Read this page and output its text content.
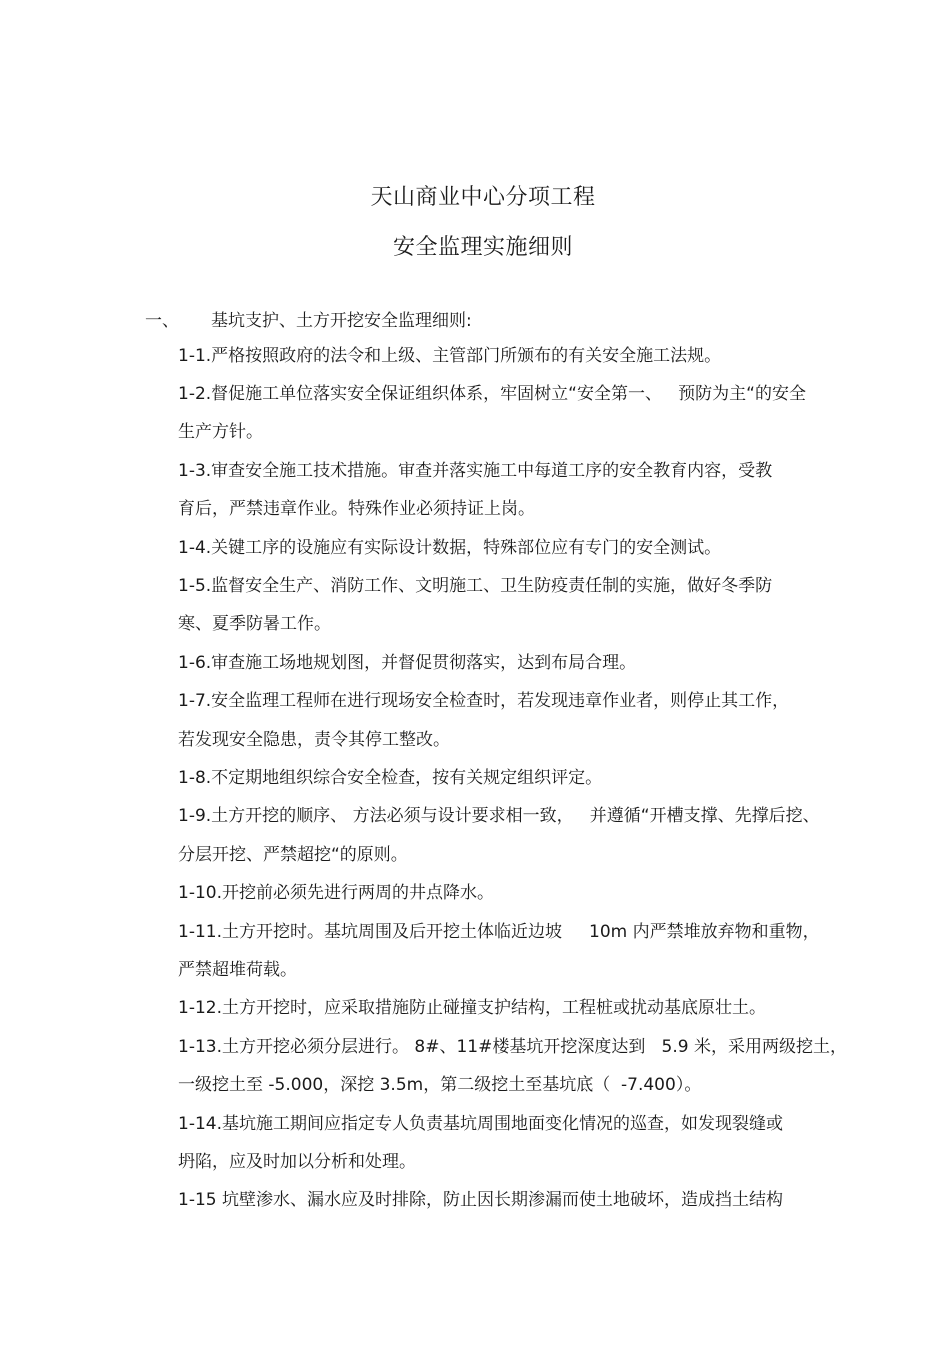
天山商业中心分项工程
安全监理实施细则
一、 基坑支护、土方开挖安全监理细则:
1-1.严格按照政府的法令和上级、主管部门所颁布的有关安全施工法规。
1-2.督促施工单位落实安全保证组织体系，牢固树立“安全第一、   预防为主“的安全
生产方针。
1-3.审查安全施工技术措施。审查并落实施工中每道工序的安全教育内容，受教
育后，严禁违章作业。特殊作业必须持证上岗。
1-4.关键工序的设施应有实际设计数据，特殊部位应有专门的安全测试。
1-5.监督安全生产、消防工作、文明施工、卫生防疫责任制的实施，做好冬季防
寒、夏季防暑工作。
1-6.审查施工场地规划图，并督促贯彻落实，达到布局合理。
1-7.安全监理工程师在进行现场安全检查时，若发现违章作业者，则停止其工作，
若发现安全隐患，责令其停工整改。
1-8.不定期地组织综合安全检查，按有关规定组织评定。
1-9.土方开挖的顺序、 方法必须与设计要求相一致，   并遵循“开槽支撑、先撑后挖、
分层开挖、严禁超挖“的原则。
1-10.开挖前必须先进行两周的井点降水。
1-11.土方开挖时。基坑周围及后开挖土体临近边坡     10m 内严禁堆放弃物和重物，
严禁超堆荷载。
1-12.土方开挖时，应采取措施防止碰撞支护结构，工程桩或扰动基底原壮土。
1-13.土方开挖必须分层进行。 8#、11#楼基坑开挖深度达到   5.9 米，采用两级挖土，
一级挖土至 -5.000，深挖 3.5m，第二级挖土至基坑底（  -7.400）。
1-14.基坑施工期间应指定专人负责基坑周围地面变化情况的巡查，如发现裂缝或
坍陷，应及时加以分析和处理。
1-15 坑壁渗水、漏水应及时排除，防止因长期渗漏而使土地破坏，造成挡土结构
